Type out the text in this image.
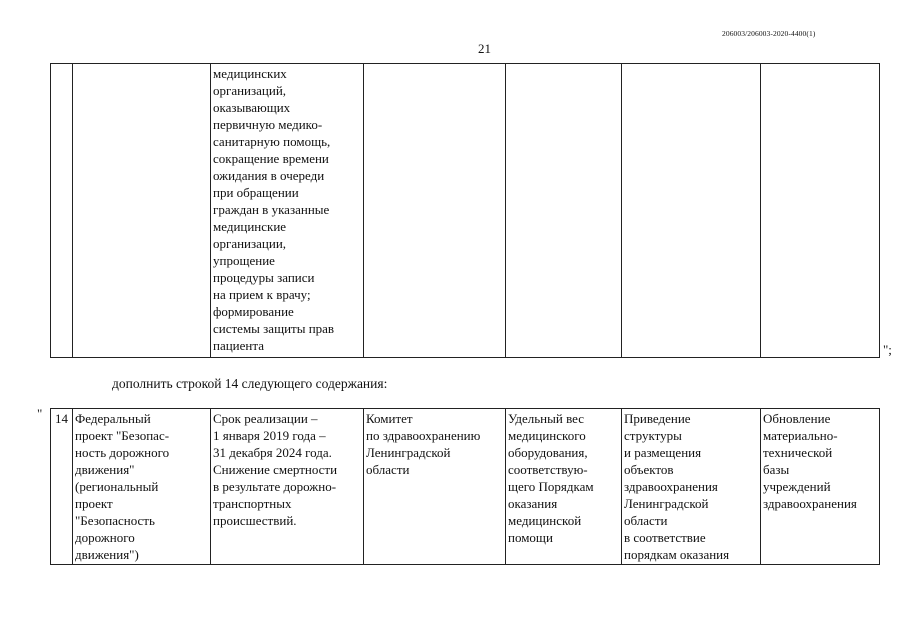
206003/206003-2020-4400(1)
21
		медицинских
организаций,
оказывающих
первичную медико-
санитарную помощь,
сокращение времени
ожидания в очереди
при обращении
граждан в указанные
медицинские
организации,
упрощение
процедуры записи
на прием к врачу;
формирование
системы защиты прав
пациента					";
дополнить строкой 14 следующего содержания:
" 14	Федеральный
проект "Безопас-
ность дорожного
движения"
(региональный
проект
"Безопасность
дорожного
движения")	Срок реализации –
1 января 2019 года –
31 декабря 2024 года.
Снижение смертности
в результате дорожно-
транспортных
происшествий.	Комитет
по здравоохранению
Ленинградской
области	Удельный вес
медицинского
оборудования,
соответствую-
щего Порядкам
оказания
медицинской
помощи	Приведение
структуры
и размещения
объектов
здравоохранения
Ленинградской
области
в соответствие
порядкам оказания	Обновление
материально-
технической
базы
учреждений
здравоохранения
